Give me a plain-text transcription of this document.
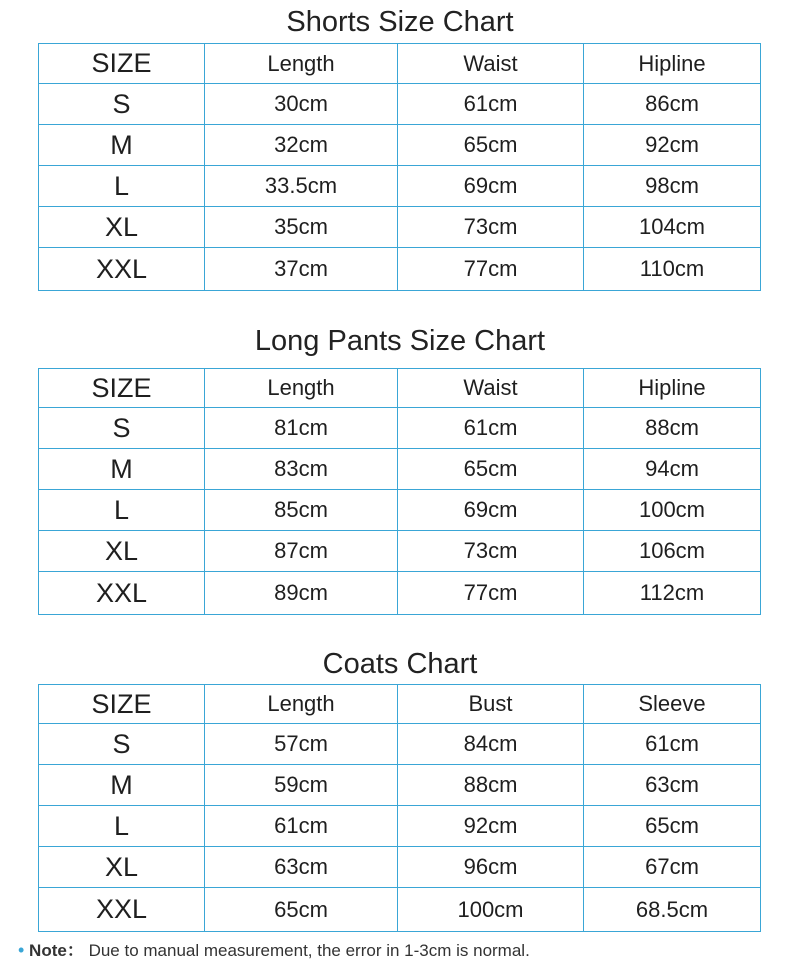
Shorts Size Chart
SIZE	Length	Waist	Hipline
S	30cm	61cm	86cm
M	32cm	65cm	92cm
L	33.5cm	69cm	98cm
XL	35cm	73cm	104cm
XXL	37cm	77cm	110cm
Long Pants Size Chart
SIZE	Length	Waist	Hipline
S	81cm	61cm	88cm
M	83cm	65cm	94cm
L	85cm	69cm	100cm
XL	87cm	73cm	106cm
XXL	89cm	77cm	112cm
Coats Chart
SIZE	Length	Bust	Sleeve
S	57cm	84cm	61cm
M	59cm	88cm	63cm
L	61cm	92cm	65cm
XL	63cm	96cm	67cm
XXL	65cm	100cm	68.5cm
• Note： Due to manual measurement, the error in 1-3cm is normal.
